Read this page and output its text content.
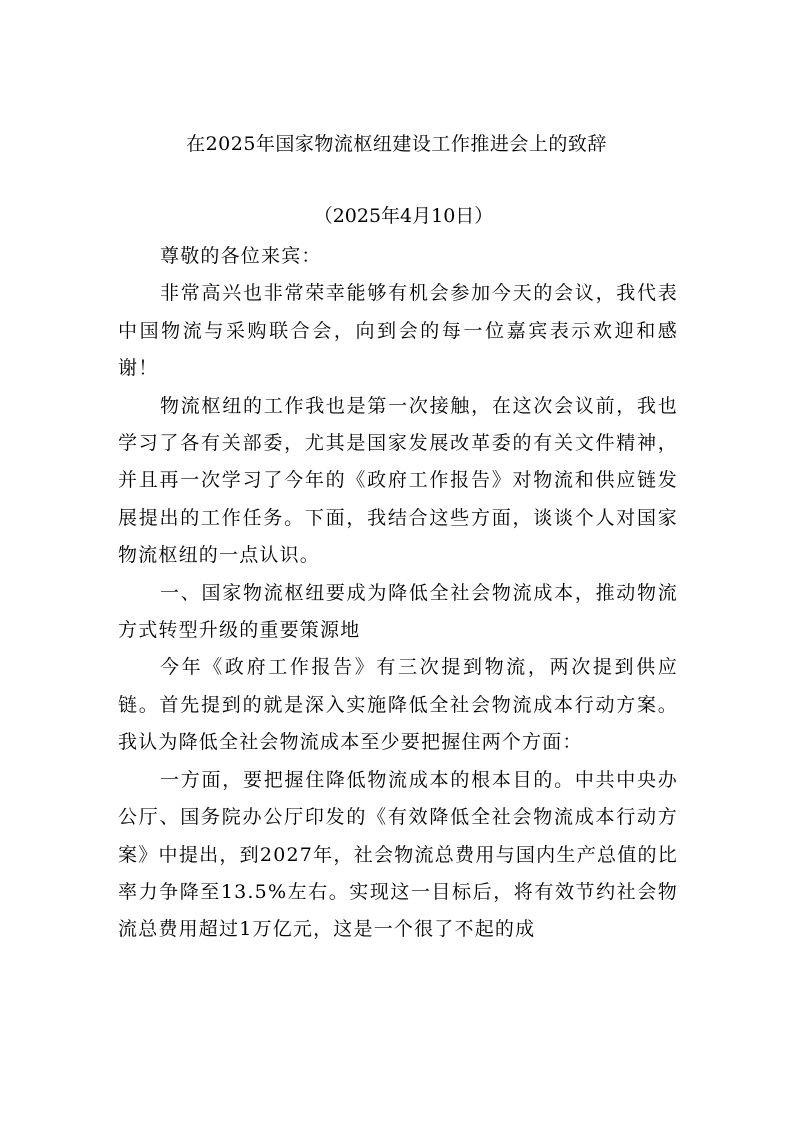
在2025年国家物流枢纽建设工作推进会上的致辞
（2025年4月10日）

尊敬的各位来宾：

非常高兴也非常荣幸能够有机会参加今天的会议，我代表中国物流与采购联合会，向到会的每一位嘉宾表示欢迎和感谢！

物流枢纽的工作我也是第一次接触，在这次会议前，我也学习了各有关部委，尤其是国家发展改革委的有关文件精神，并且再一次学习了今年的《政府工作报告》对物流和供应链发展提出的工作任务。下面，我结合这些方面，谈谈个人对国家物流枢纽的一点认识。

一、国家物流枢纽要成为降低全社会物流成本，推动物流方式转型升级的重要策源地

今年《政府工作报告》有三次提到物流，两次提到供应链。首先提到的就是深入实施降低全社会物流成本行动方案。我认为降低全社会物流成本至少要把握住两个方面：

一方面，要把握住降低物流成本的根本目的。中共中央办公厅、国务院办公厅印发的《有效降低全社会物流成本行动方案》中提出，到2027年，社会物流总费用与国内生产总值的比率力争降至13.5%左右。实现这一目标后，将有效节约社会物流总费用超过1万亿元，这是一个很了不起的成
